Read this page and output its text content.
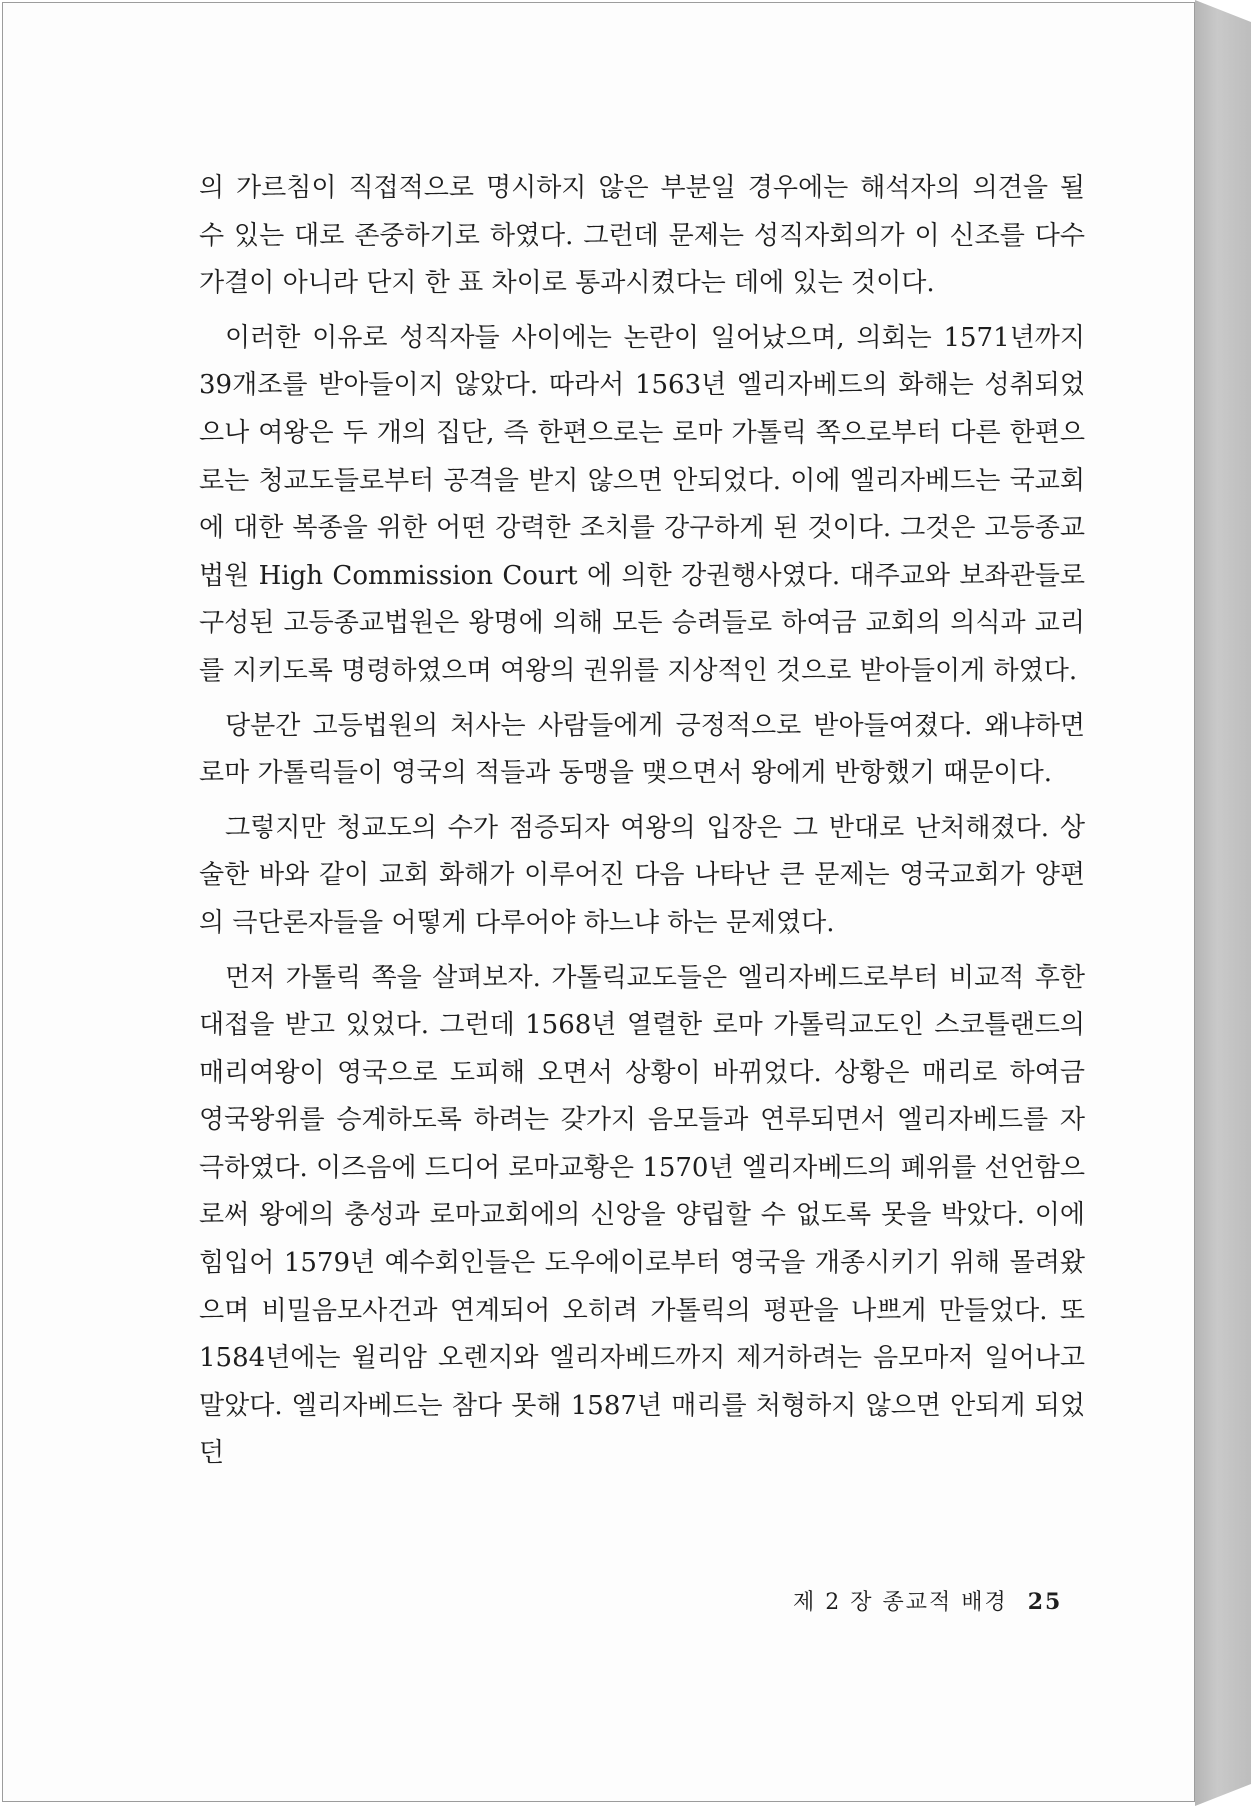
의 가르침이 직접적으로 명시하지 않은 부분일 경우에는 해석자의 의견을 될 수 있는 대로 존중하기로 하였다. 그런데 문제는 성직자회의가 이 신조를 다수가결이 아니라 단지 한 표 차이로 통과시켰다는 데에 있는 것이다.

이러한 이유로 성직자들 사이에는 논란이 일어났으며, 의회는 1571년까지 39개조를 받아들이지 않았다. 따라서 1563년 엘리자베드의 화해는 성취되었으나 여왕은 두 개의 집단, 즉 한편으로는 로마 가톨릭 쪽으로부터 다른 한편으로는 청교도들로부터 공격을 받지 않으면 안되었다. 이에 엘리자베드는 국교회에 대한 복종을 위한 어떤 강력한 조치를 강구하게 된 것이다. 그것은 고등종교법원 High Commission Court 에 의한 강권행사였다. 대주교와 보좌관들로 구성된 고등종교법원은 왕명에 의해 모든 승려들로 하여금 교회의 의식과 교리를 지키도록 명령하였으며 여왕의 권위를 지상적인 것으로 받아들이게 하였다.

당분간 고등법원의 처사는 사람들에게 긍정적으로 받아들여졌다. 왜냐하면 로마 가톨릭들이 영국의 적들과 동맹을 맺으면서 왕에게 반항했기 때문이다.

그렇지만 청교도의 수가 점증되자 여왕의 입장은 그 반대로 난처해졌다. 상술한 바와 같이 교회 화해가 이루어진 다음 나타난 큰 문제는 영국교회가 양편의 극단론자들을 어떻게 다루어야 하느냐 하는 문제였다.

먼저 가톨릭 쪽을 살펴보자. 가톨릭교도들은 엘리자베드로부터 비교적 후한 대접을 받고 있었다. 그런데 1568년 열렬한 로마 가톨릭교도인 스코틀랜드의 매리여왕이 영국으로 도피해 오면서 상황이 바뀌었다. 상황은 매리로 하여금 영국왕위를 승계하도록 하려는 갖가지 음모들과 연루되면서 엘리자베드를 자극하였다. 이즈음에 드디어 로마교황은 1570년 엘리자베드의 폐위를 선언함으로써 왕에의 충성과 로마교회에의 신앙을 양립할 수 없도록 못을 박았다. 이에 힘입어 1579년 예수회인들은 도우에이로부터 영국을 개종시키기 위해 몰려왔으며 비밀음모사건과 연계되어 오히려 가톨릭의 평판을 나쁘게 만들었다. 또 1584년에는 윌리암 오렌지와 엘리자베드까지 제거하려는 음모마저 일어나고 말았다. 엘리자베드는 참다 못해 1587년 매리를 처형하지 않으면 안되게 되었던

제 2 장 종교적 배경 25
